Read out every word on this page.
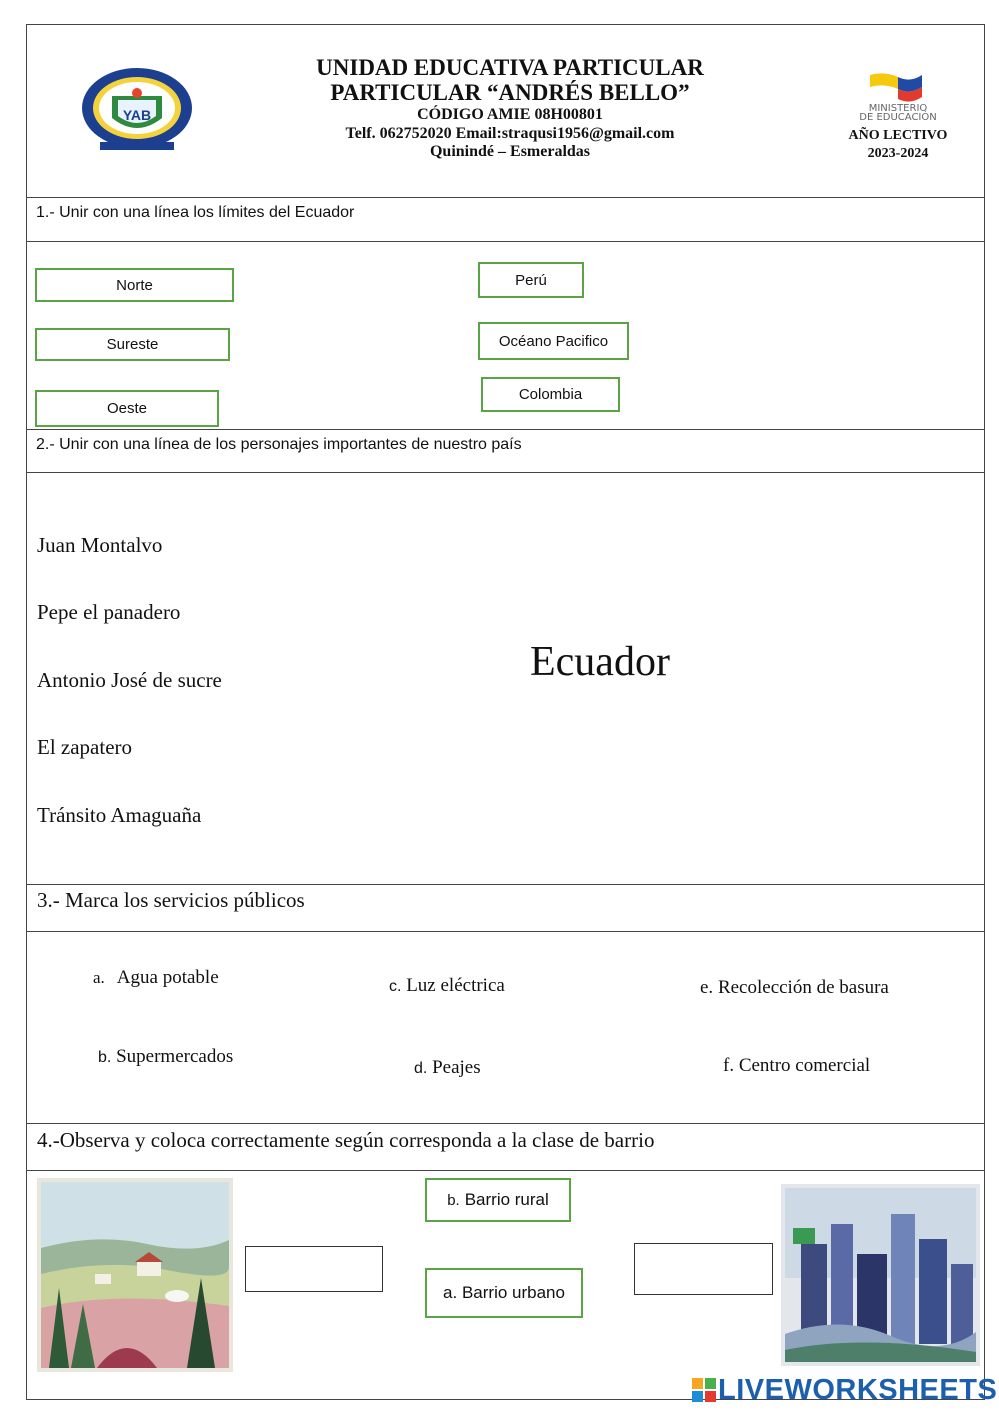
YAB
UNIDAD EDUCATIVA PARTICULAR
PARTICULAR “ANDRÉS BELLO”
CÓDIGO AMIE 08H00801
Telf. 062752020 Email:straqusi1956@gmail.com
Quinindé – Esmeraldas
MINISTERIO
DE EDUCACIÓN
AÑO LECTIVO
2023-2024
1.- Unir con una línea los límites del Ecuador
Norte
Sureste
Oeste
Perú
Océano Pacifico
Colombia
2.- Unir con una línea de los personajes importantes de nuestro país
Juan Montalvo
Pepe el panadero
Antonio José de sucre
El zapatero
Tránsito Amaguaña
Ecuador
3.- Marca los servicios públicos
a. Agua potable	c. Luz eléctrica	e. Recolección de basura
b. Supermercados
d. Peajes	f. Centro comercial
4.-Observa y coloca correctamente según corresponda a la clase de barrio
b. Barrio rural
a. Barrio urbano
LIVEWORKSHEETS
